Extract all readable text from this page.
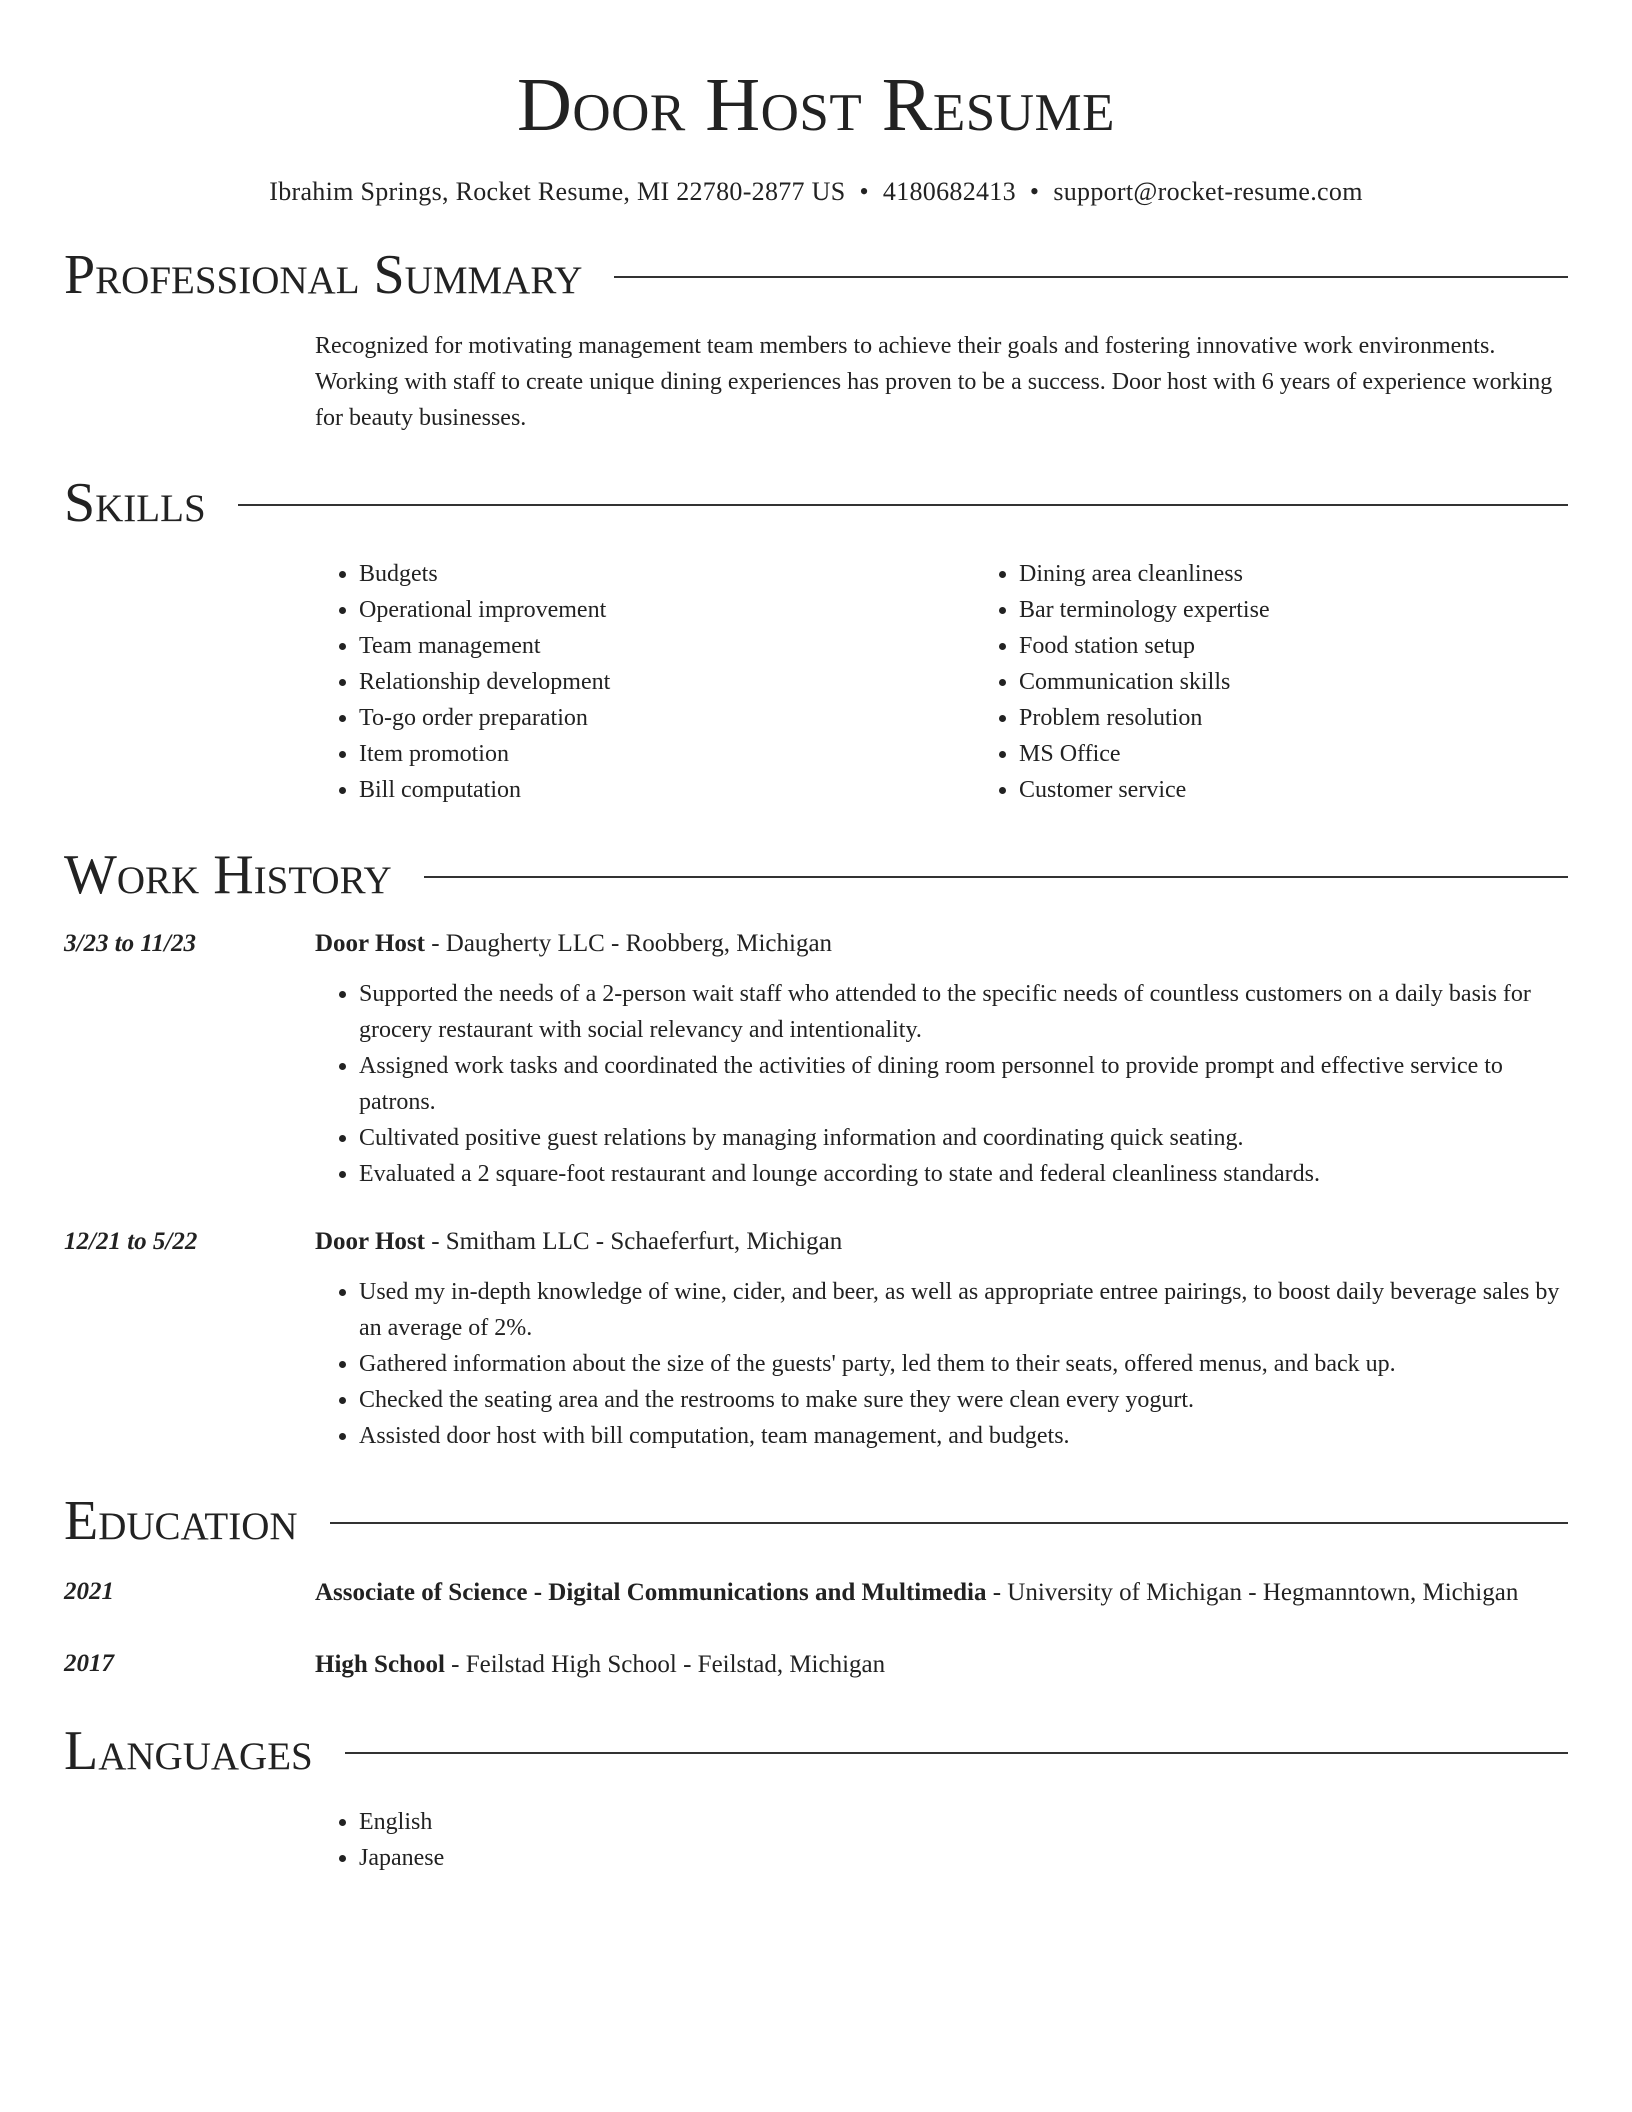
Door Host Resume
Ibrahim Springs, Rocket Resume, MI 22780-2877 US • 4180682413 • support@rocket-resume.com
Professional Summary
Recognized for motivating management team members to achieve their goals and fostering innovative work environments. Working with staff to create unique dining experiences has proven to be a success. Door host with 6 years of experience working for beauty businesses.
Skills
• Budgets
• Operational improvement
• Team management
• Relationship development
• To-go order preparation
• Item promotion
• Bill computation
• Dining area cleanliness
• Bar terminology expertise
• Food station setup
• Communication skills
• Problem resolution
• MS Office
• Customer service
Work History
3/23 to 11/23	Door Host - Daugherty LLC - Roobberg, Michigan
• Supported the needs of a 2-person wait staff who attended to the specific needs of countless customers on a daily basis for grocery restaurant with social relevancy and intentionality.
• Assigned work tasks and coordinated the activities of dining room personnel to provide prompt and effective service to patrons.
• Cultivated positive guest relations by managing information and coordinating quick seating.
• Evaluated a 2 square-foot restaurant and lounge according to state and federal cleanliness standards.
12/21 to 5/22	Door Host - Smitham LLC - Schaeferfurt, Michigan
• Used my in-depth knowledge of wine, cider, and beer, as well as appropriate entree pairings, to boost daily beverage sales by an average of 2%.
• Gathered information about the size of the guests' party, led them to their seats, offered menus, and back up.
• Checked the seating area and the restrooms to make sure they were clean every yogurt.
• Assisted door host with bill computation, team management, and budgets.
Education
2021	Associate of Science - Digital Communications and Multimedia - University of Michigan - Hegmanntown, Michigan
2017	High School - Feilstad High School - Feilstad, Michigan
Languages
• English
• Japanese
